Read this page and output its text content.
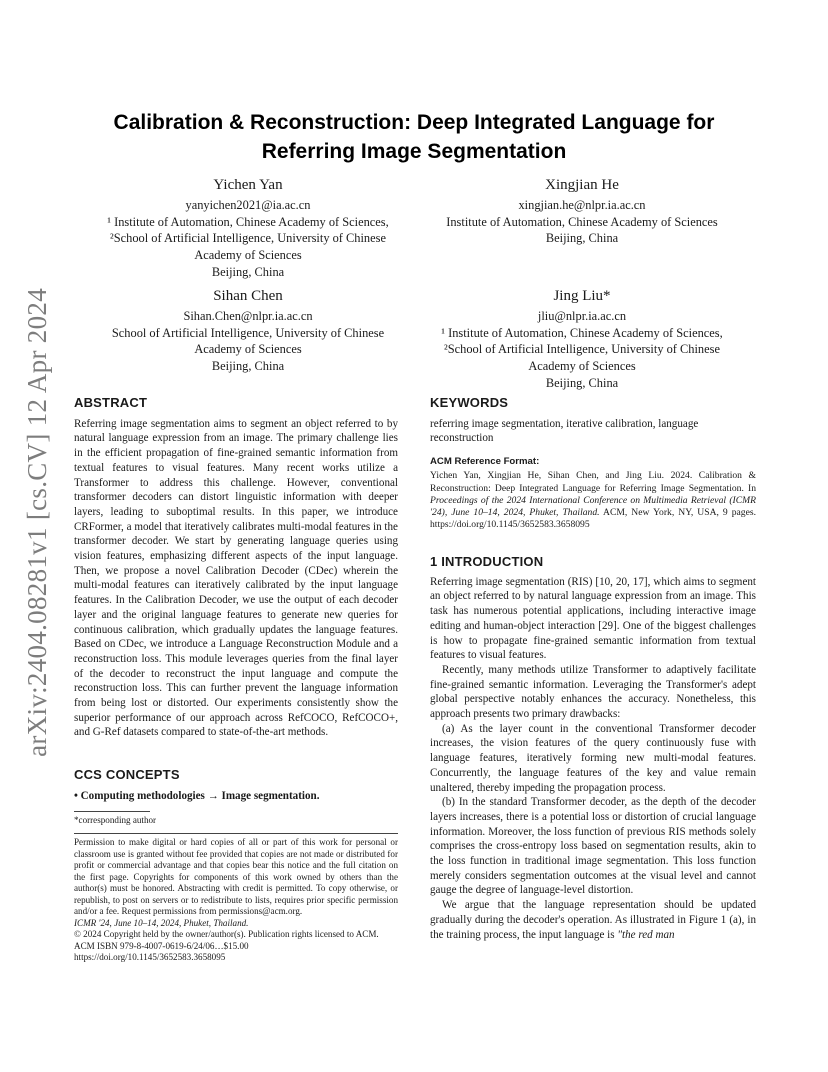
arXiv:2404.08281v1 [cs.CV] 12 Apr 2024
Calibration & Reconstruction: Deep Integrated Language for Referring Image Segmentation
Yichen Yan
yanyichen2021@ia.ac.cn
¹ Institute of Automation, Chinese Academy of Sciences,
²School of Artificial Intelligence, University of Chinese
Academy of Sciences
Beijing, China
Xingjian He
xingjian.he@nlpr.ia.ac.cn
Institute of Automation, Chinese Academy of Sciences
Beijing, China
Sihan Chen
Sihan.Chen@nlpr.ia.ac.cn
School of Artificial Intelligence, University of Chinese
Academy of Sciences
Beijing, China
Jing Liu*
jliu@nlpr.ia.ac.cn
¹ Institute of Automation, Chinese Academy of Sciences,
²School of Artificial Intelligence, University of Chinese
Academy of Sciences
Beijing, China
ABSTRACT

Referring image segmentation aims to segment an object referred to by natural language expression from an image. The primary challenge lies in the efficient propagation of fine-grained semantic information from textual features to visual features. Many recent works utilize a Transformer to address this challenge. However, conventional transformer decoders can distort linguistic information with deeper layers, leading to suboptimal results. In this paper, we introduce CRFormer, a model that iteratively calibrates multi-modal features in the transformer decoder. We start by generating language queries using vision features, emphasizing different aspects of the input language. Then, we propose a novel Calibration Decoder (CDec) wherein the multi-modal features can iteratively calibrated by the input language features. In the Calibration Decoder, we use the output of each decoder layer and the original language features to generate new queries for continuous calibration, which gradually updates the language features. Based on CDec, we introduce a Language Reconstruction Module and a reconstruction loss. This module leverages queries from the final layer of the decoder to reconstruct the input language and compute the reconstruction loss. This can further prevent the language information from being lost or distorted. Our experiments consistently show the superior performance of our approach across RefCOCO, RefCOCO+, and G-Ref datasets compared to state-of-the-art methods.

CCS CONCEPTS

• Computing methodologies → Image segmentation.

*corresponding author

Permission to make digital or hard copies of all or part of this work for personal or classroom use is granted without fee provided that copies are not made or distributed for profit or commercial advantage and that copies bear this notice and the full citation on the first page. Copyrights for components of this work owned by others than the author(s) must be honored. Abstracting with credit is permitted. To copy otherwise, or republish, to post on servers or to redistribute to lists, requires prior specific permission and/or a fee. Request permissions from permissions@acm.org.

ICMR '24, June 10–14, 2024, Phuket, Thailand.

© 2024 Copyright held by the owner/author(s). Publication rights licensed to ACM.

ACM ISBN 979-8-4007-0619-6/24/06…$15.00

https://doi.org/10.1145/3652583.3658095

KEYWORDS

referring image segmentation, iterative calibration, language reconstruction

ACM Reference Format:

Yichen Yan, Xingjian He, Sihan Chen, and Jing Liu. 2024. Calibration & Reconstruction: Deep Integrated Language for Referring Image Segmentation. In Proceedings of the 2024 International Conference on Multimedia Retrieval (ICMR '24), June 10–14, 2024, Phuket, Thailand. ACM, New York, NY, USA, 9 pages. https://doi.org/10.1145/3652583.3658095

1 INTRODUCTION

Referring image segmentation (RIS) [10, 20, 17], which aims to segment an object referred to by natural language expression from an image. This task has numerous potential applications, including interactive image editing and human-object interaction [29]. One of the biggest challenges is how to propagate fine-grained semantic information from textual features to visual features.

Recently, many methods utilize Transformer to adaptively facilitate fine-grained semantic information. Leveraging the Transformer's adept global perspective notably enhances the accuracy. Nonetheless, this approach presents two primary drawbacks:

(a) As the layer count in the conventional Transformer decoder increases, the vision features of the query continuously fuse with language features, iteratively forming new multi-modal features. Concurrently, the language features of the key and value remain unaltered, thereby impeding the propagation process.

(b) In the standard Transformer decoder, as the depth of the decoder layers increases, there is a potential loss or distortion of crucial language information. Moreover, the loss function of previous RIS methods solely comprises the cross-entropy loss based on segmentation results, akin to the loss function in traditional image segmentation. This loss function merely considers segmentation outcomes at the visual level and cannot gauge the degree of language-level distortion.

We argue that the language representation should be updated gradually during the decoder's operation. As illustrated in Figure 1 (a), in the training process, the input language is "the red man
